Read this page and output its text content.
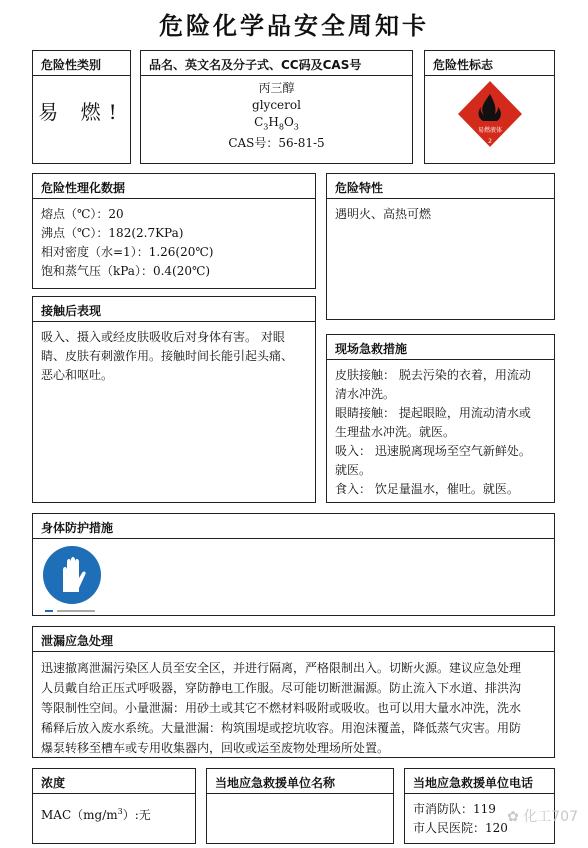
危险化学品安全周知卡
危险性类别
易 燃!
品名、英文名及分子式、CC码及CAS号
丙三醇
glycerol
$C_3H_8O_3$
CAS号：56-81-5
危险性标志
易燃液体
2
危险性理化数据
熔点（℃）：20
沸点（℃）：182(2.7KPa)
相对密度（水=1）：1.26(20℃)
饱和蒸气压（kPa）：0.4(20℃)
危险特性
遇明火、高热可燃
接触后表现
吸入、摄入或经皮肤吸收后对身体有害。 对眼
睛、皮肤有刺激作用。接触时间长能引起头痛、
恶心和呕吐。
现场急救措施
皮肤接触： 脱去污染的衣着，用流动
清水冲洗。
眼睛接触： 提起眼睑，用流动清水或
生理盐水冲洗。就医。
吸入： 迅速脱离现场至空气新鲜处。
就医。
食入： 饮足量温水，催吐。就医。
身体防护措施
泄漏应急处理
迅速撤离泄漏污染区人员至安全区，并进行隔离，严格限制出入。切断火源。建议应急处理
人员戴自给正压式呼吸器，穿防静电工作服。尽可能切断泄漏源。防止流入下水道、排洪沟
等限制性空间。小量泄漏：用砂土或其它不燃材料吸附或吸收。也可以用大量水冲洗，洗水
稀释后放入废水系统。大量泄漏：构筑围堤或挖坑收容。用泡沫覆盖，降低蒸气灾害。用防
爆泵转移至槽车或专用收集器内，回收或运至废物处理场所处置。
浓度
$MAC(mg/m^3)$:无
当地应急救援单位名称	当地应急救援单位电话
市消防队：119
市人民医院：120
✿ 化工707
